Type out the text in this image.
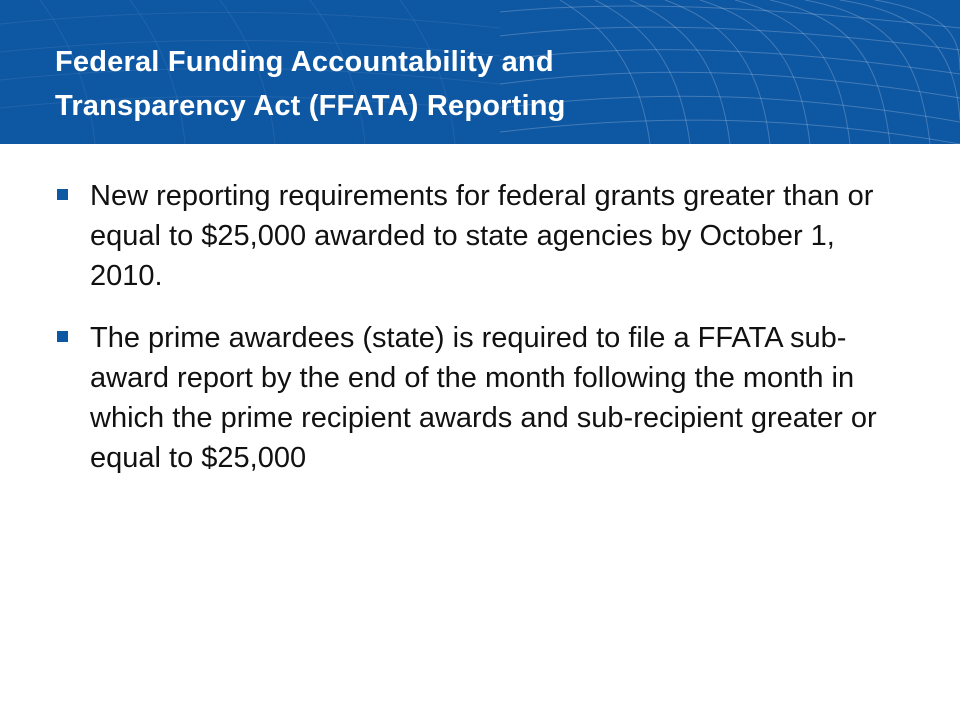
Federal Funding Accountability and
Transparency Act (FFATA) Reporting
New reporting requirements for federal grants greater than or equal to $25,000 awarded to state agencies by October 1, 2010.
The prime awardees (state) is required to file a FFATA sub-award report by the end of the month following the month in which the prime recipient awards and sub-recipient greater or equal to $25,000
